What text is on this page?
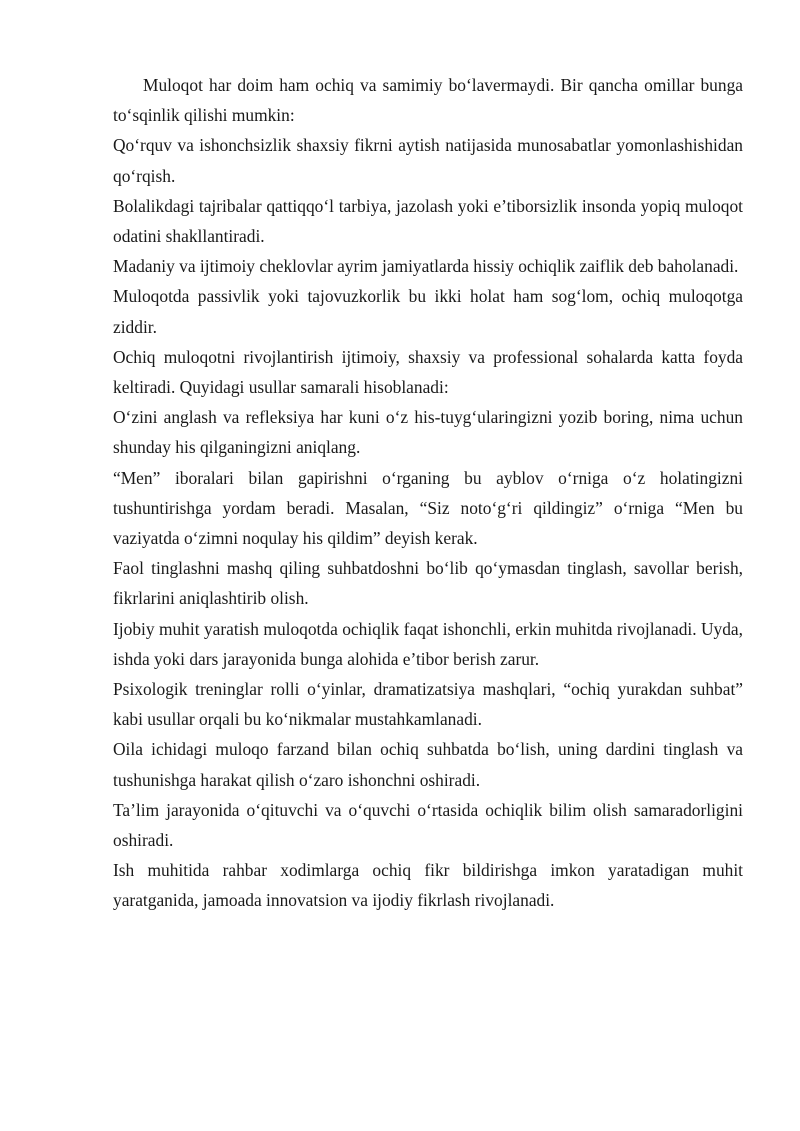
Muloqot har doim ham ochiq va samimiy bo‘lavermaydi. Bir qancha omillar bunga to‘sqinlik qilishi mumkin:

Qo‘rquv va ishonchsizlik shaxsiy fikrni aytish natijasida munosabatlar yomonlashishidan qo‘rqish.

Bolalikdagi tajribalar qattiqqo‘l tarbiya, jazolash yoki e’tiborsizlik insonda yopiq muloqot odatini shakllantiradi.

Madaniy va ijtimoiy cheklovlar ayrim jamiyatlarda hissiy ochiqlik zaiflik deb baholanadi.

Muloqotda passivlik yoki tajovuzkorlik bu ikki holat ham sog‘lom, ochiq muloqotga ziddir.

Ochiq muloqotni rivojlantirish ijtimoiy, shaxsiy va professional sohalarda katta foyda keltiradi. Quyidagi usullar samarali hisoblanadi:

O‘zini anglash va refleksiya har kuni o‘z his-tuyg‘ularingizni yozib boring, nima uchun shunday his qilganingizni aniqlang.

“Men” iboralari bilan gapirishni o‘rganing bu ayblov o‘rniga o‘z holatingizni tushuntirishga yordam beradi. Masalan, “Siz noto‘g‘ri qildingiz” o‘rniga “Men bu vaziyatda o‘zimni noqulay his qildim” deyish kerak.

Faol tinglashni mashq qiling suhbatdoshni bo‘lib qo‘ymasdan tinglash, savollar berish, fikrlarini aniqlashtirib olish.

Ijobiy muhit yaratish muloqotda ochiqlik faqat ishonchli, erkin muhitda rivojlanadi. Uyda, ishda yoki dars jarayonida bunga alohida e’tibor berish zarur.

Psixologik treninglar rolli o‘yinlar, dramatizatsiya mashqlari, “ochiq yurakdan suhbat” kabi usullar orqali bu ko‘nikmalar mustahkamlanadi.

Oila ichidagi muloqo farzand bilan ochiq suhbatda bo‘lish, uning dardini tinglash va tushunishga harakat qilish o‘zaro ishonchni oshiradi.

Ta’lim jarayonida o‘qituvchi va o‘quvchi o‘rtasida ochiqlik bilim olish samaradorligini oshiradi.

Ish muhitida rahbar xodimlarga ochiq fikr bildirishga imkon yaratadigan muhit yaratganida, jamoada innovatsion va ijodiy fikrlash rivojlanadi.
